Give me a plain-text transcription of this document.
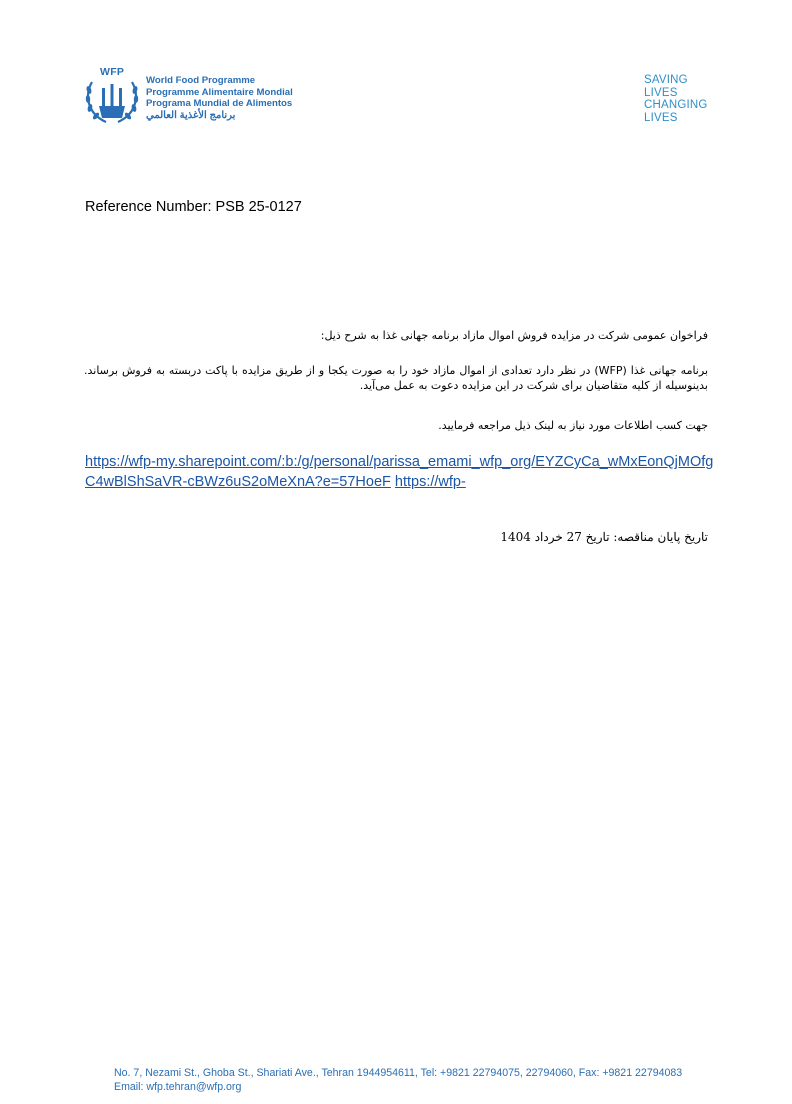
WFP
World Food Programme
Programme Alimentaire Mondial
Programa Mundial de Alimentos
برنامج الأغذية العالمي
SAVING
LIVES
CHANGING
LIVES
Reference Number: PSB 25-0127
فراخوان عمومی شرکت در مزایده فروش اموال مازاد برنامه جهانی غذا به شرح ذیل:
برنامه جهانی غذا (WFP) در نظر دارد تعدادی از اموال مازاد خود را به صورت یکجا و از طریق مزایده با پاکت دربسته به فروش برساند. بدینوسیله از کلیه متقاضیان برای شرکت در این مزایده دعوت به عمل می‌آید.
جهت کسب اطلاعات مورد نیاز به لینک ذیل مراجعه فرمایید.
https://wfp-my.sharepoint.com/:b:/g/personal/parissa_emami_wfp_org/EYZCyCa_wMxEonQjMOfgC4wBlShSaVR-cBWz6uS2oMeXnA?e=57HoeF https://wfp-
تاریخ پایان مناقصه: تاریخ 27 خرداد 1404
No. 7, Nezami St., Ghoba St., Shariati Ave., Tehran 1944954611, Tel: +9821 22794075, 22794060, Fax: +9821 22794083
Email: wfp.tehran@wfp.org
